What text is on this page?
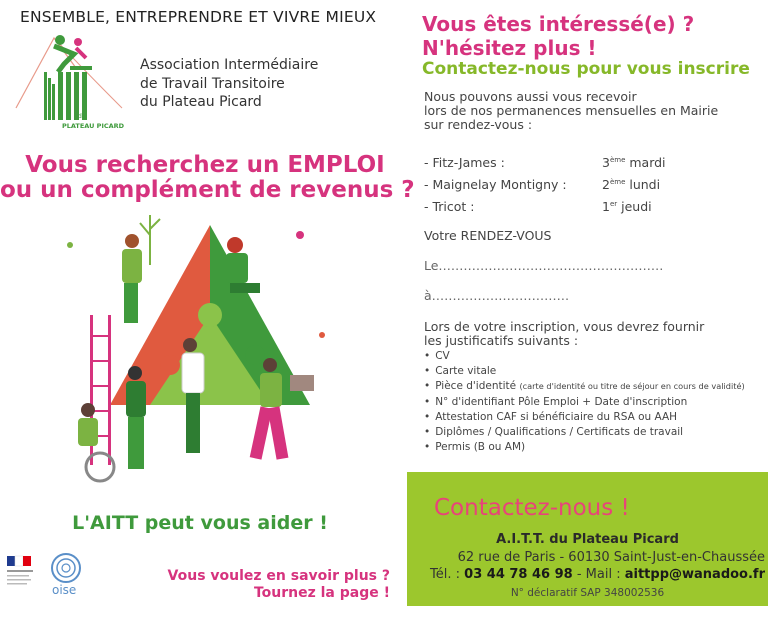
ENSEMBLE, ENTREPRENDRE ET VIVRE MIEUX
du
PLATEAU PICARD
Association Intermédiaire
de Travail Transitoire
du Plateau Picard
Vous recherchez un EMPLOI
ou un complément de revenus ?
L'AITT peut vous aider !
oise
Vous voulez en savoir plus ?
Tournez la page !
Vous êtes intéressé(e) ?
N'hésitez plus !
Contactez-nous pour vous inscrire
Nous pouvons aussi vous recevoir
lors de nos permanences mensuelles en Mairie
sur rendez-vous :
- Fitz-James :	3ème mardi
- Maignelay Montigny :	2ème lundi
- Tricot :	1er jeudi
Votre RENDEZ-VOUS
Le………………………………………………
à……………………………
Lors de votre inscription, vous devrez fournir
les justificatifs suivants :
• CV
• Carte vitale
• Pièce d'identité (carte d'identité ou titre de séjour en cours de validité)
• N° d'identifiant Pôle Emploi + Date d'inscription
• Attestation CAF si bénéficiaire du RSA ou AAH
• Diplômes / Qualifications / Certificats de travail
• Permis (B ou AM)
Contactez-nous !
A.I.T.T. du Plateau Picard
62 rue de Paris - 60130 Saint-Just-en-Chaussée
Tél. : 03 44 78 46 98 - Mail : aittpp@wanadoo.fr
N° déclaratif SAP 348002536
